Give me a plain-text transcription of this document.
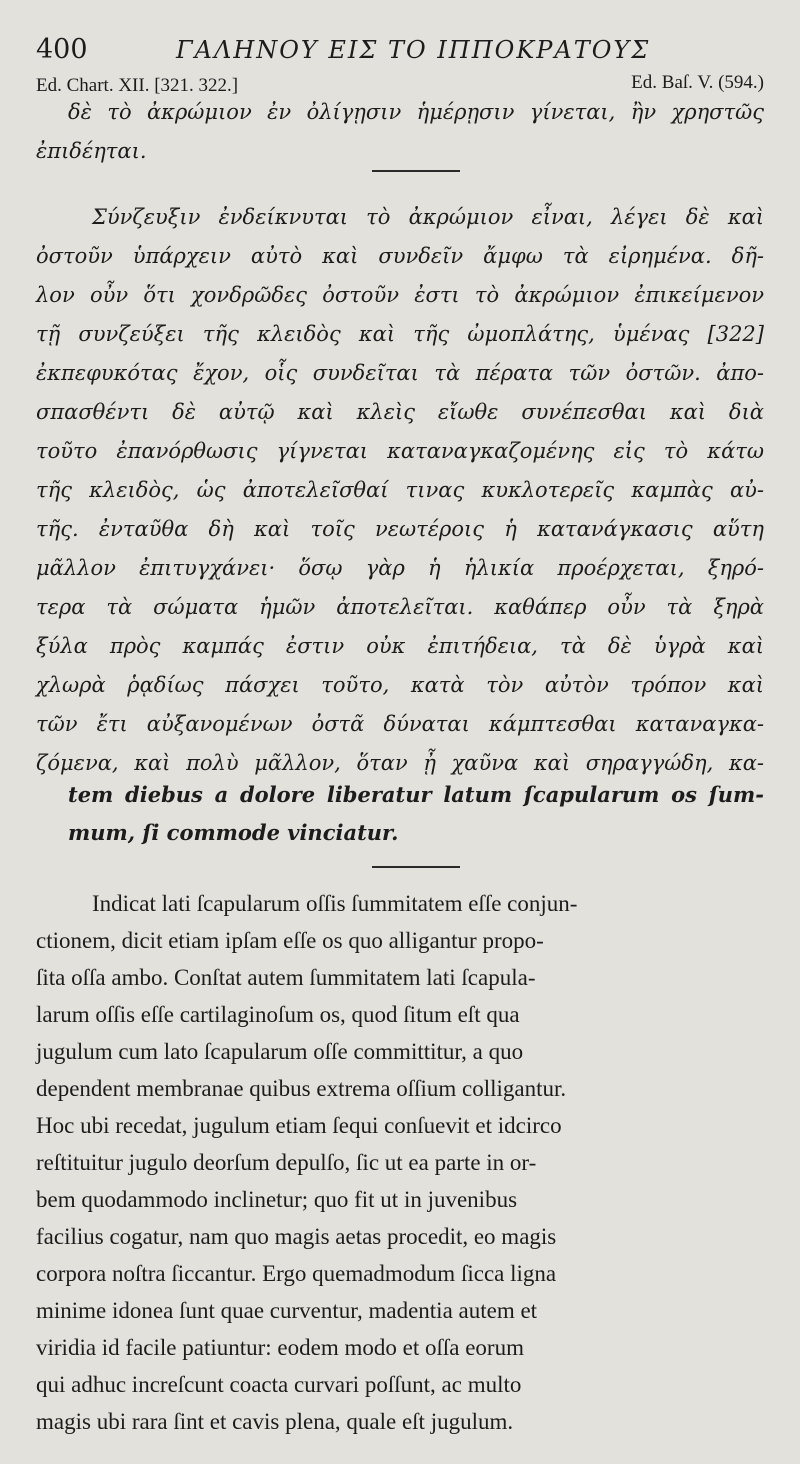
400	ΓΑΛΗΝΟΥ ΕΙΣ ΤΟ ΙΠΠΟΚΡΑΤΟΥΣ
Ed. Chart. XII. [321. 322.]	Ed. Baſ. V. (594.)
δὲ τὸ ἀκρώμιον ἐν ὀλίγῃσιν ἡμέρῃσιν γίνεται, ἢν χρηστῶς
ἐπιδέηται.
Σύνζευξιν ἐνδείκνυται τὸ ἀκρώμιον εἶναι, λέγει δὲ καὶ
ὀστοῦν ὑπάρχειν αὐτὸ καὶ συνδεῖν ἄμφω τὰ εἰρημένα. δῆ-
λον οὖν ὅτι χονδρῶδες ὀστοῦν ἐστι τὸ ἀκρώμιον ἐπικείμενον
τῇ συνζεύξει τῆς κλειδὸς καὶ τῆς ὠμοπλάτης, ὑμένας [322]
ἐκπεφυκότας ἔχον, οἷς συνδεῖται τὰ πέρατα τῶν ὀστῶν. ἀπο-
σπασθέντι δὲ αὐτῷ καὶ κλεὶς εἴωθε συνέπεσθαι καὶ διὰ
τοῦτο ἐπανόρθωσις γίγνεται καταναγκαζομένης εἰς τὸ κάτω
τῆς κλειδὸς, ὡς ἀποτελεῖσθαί τινας κυκλοτερεῖς καμπὰς αὐ-
τῆς. ἐνταῦθα δὴ καὶ τοῖς νεωτέροις ἡ κατανάγκασις αὕτη
μᾶλλον ἐπιτυγχάνει· ὅσῳ γὰρ ἡ ἡλικία προέρχεται, ξηρό-
τερα τὰ σώματα ἡμῶν ἀποτελεῖται. καθάπερ οὖν τὰ ξηρὰ
ξύλα πρὸς καμπάς ἐστιν οὐκ ἐπιτήδεια, τὰ δὲ ὑγρὰ καὶ
χλωρὰ ῥᾳδίως πάσχει τοῦτο, κατὰ τὸν αὐτὸν τρόπον καὶ
τῶν ἔτι αὐξανομένων ὀστᾶ δύναται κάμπτεσθαι καταναγκα-
ζόμενα, καὶ πολὺ μᾶλλον, ὅταν ᾖ χαῦνα καὶ σηραγγώδη, κα-
tem diebus a dolore liberatur latum ſcapularum os ſum-
mum, ſi commode vinciatur.
Indicat lati ſcapularum oſſis ſummitatem eſſe conjun-
ctionem, dicit etiam ipſam eſſe os quo alligantur propo-
ſita oſſa ambo. Conſtat autem ſummitatem lati ſcapula-
larum oſſis eſſe cartilaginoſum os, quod ſitum eſt qua
jugulum cum lato ſcapularum oſſe committitur, a quo
dependent membranae quibus extrema oſſium colligantur.
Hoc ubi recedat, jugulum etiam ſequi conſuevit et idcirco
reſtituitur jugulo deorſum depulſo, ſic ut ea parte in or-
bem quodammodo inclinetur; quo fit ut in juvenibus
facilius cogatur, nam quo magis aetas procedit, eo magis
corpora noſtra ſiccantur. Ergo quemadmodum ſicca ligna
minime idonea ſunt quae curventur, madentia autem et
viridia id facile patiuntur: eodem modo et oſſa eorum
qui adhuc increſcunt coacta curvari poſſunt, ac multo
magis ubi rara ſint et cavis plena, quale eſt jugulum.
